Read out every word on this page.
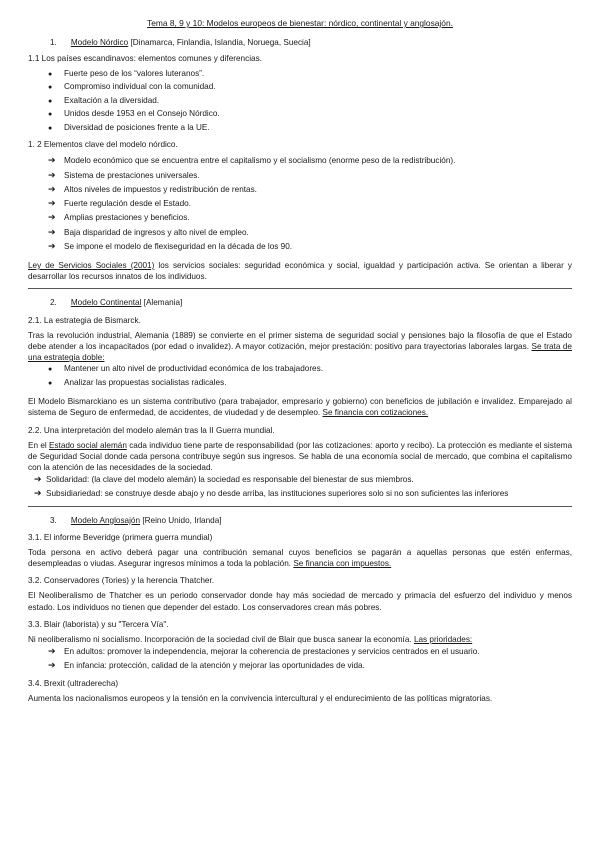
Tema 8, 9 y 10: Modelos europeos de bienestar: nórdico, continental y anglosajón.
1. Modelo Nórdico [Dinamarca, Finlandia, Islandia, Noruega, Suecia]
1.1 Los países escandinavos: elementos comunes y diferencias.
●	Fuerte peso de los “valores luteranos”.
●	Compromiso individual con la comunidad.
●	Exaltación a la diversidad.
●	Unidos desde 1953 en el Consejo Nórdico.
●	Diversidad de posiciones frente a la UE.
1. 2 Elementos clave del modelo nórdico.
➔	Modelo económico que se encuentra entre el capitalismo y el socialismo (enorme peso de la redistribución).
➔	Sistema de prestaciones universales.
➔	Altos niveles de impuestos y redistribución de rentas.
➔	Fuerte regulación desde el Estado.
➔	Amplias prestaciones y beneficios.
➔	Baja disparidad de ingresos y alto nivel de empleo.
➔	Se impone el modelo de flexiseguridad en la década de los 90.

Ley de Servicios Sociales (2001) los servicios sociales: seguridad económica y social, igualdad y participación activa. Se orientan a liberar y desarrollar los recursos innatos de los individuos.

2. Modelo Continental [Alemania]
2.1. La estrategia de Bismarck.

Tras la revolución industrial, Alemania (1889) se convierte en el primer sistema de seguridad social y pensiones bajo la filosofía de que el Estado debe atender a los incapacitados (por edad o invalidez). A mayor cotización, mejor prestación: positivo para trayectorias laborales largas. Se trata de una estrategia doble:

●	Mantener un alto nivel de productividad económica de los trabajadores.
●	Analizar las propuestas socialistas radicales.

El Modelo Bismarckiano es un sistema contributivo (para trabajador, empresario y gobierno) con beneficios de jubilación e invalidez. Emparejado al sistema de Seguro de enfermedad, de accidentes, de viudedad y de desempleo. Se financia con cotizaciones.

2.2. Una interpretación del modelo alemán tras la II Guerra mundial.

En el Estado social alemán cada individuo tiene parte de responsabilidad (por las cotizaciones: aporto y recibo). La protección es mediante el sistema de Seguridad Social donde cada persona contribuye según sus ingresos. Se habla de una economía social de mercado, que combina el capitalismo con la atención de las necesidades de la sociedad.

➔ Solidaridad: (la clave del modelo alemán) la sociedad es responsable del bienestar de sus miembros.
➔ Subsidiariedad: se construye desde abajo y no desde arriba, las instituciones superiores solo si no son suficientes las inferiores
3. Modelo Anglosajón [Reino Unido, Irlanda]
3.1. El informe Beveridge (primera guerra mundial)

Toda persona en activo deberá pagar una contribución semanal cuyos beneficios se pagarán a aquellas personas que estén enfermas, desempleadas o viudas. Asegurar ingresos mínimos a toda la población. Se financia con impuestos.

3.2. Conservadores (Tories) y la herencia Thatcher.

El Neoliberalismo de Thatcher es un periodo conservador donde hay más sociedad de mercado y primacía del esfuerzo del individuo y menos estado. Los individuos no tienen que depender del estado. Los conservadores crean más pobres.

3.3. Blair (laborista) y su "Tercera Vía".

Ni neoliberalismo ni socialismo. Incorporación de la sociedad civil de Blair que busca sanear la economía. Las prioridades:

➔	En adultos: promover la independencia, mejorar la coherencia de prestaciones y servicios centrados en el usuario.
➔	En infancia: protección, calidad de la atención y mejorar las oportunidades de vida.
3.4. Brexit (ultraderecha)

Aumenta los nacionalismos europeos y la tensión en la convivencia intercultural y el endurecimiento de las políticas migratorias.
